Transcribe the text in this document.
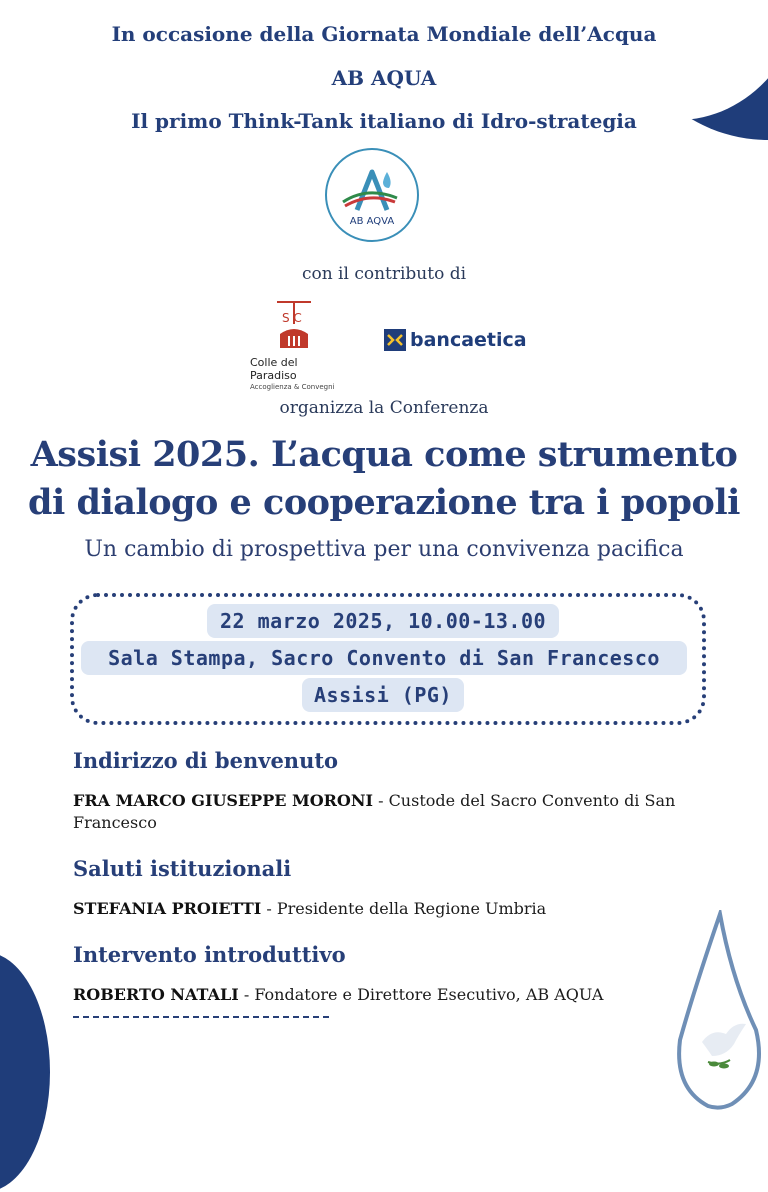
In occasione della Giornata Mondiale dell’Acqua
AB AQUA
Il primo Think-Tank italiano di Idro-strategia
AB AQVA
con il contributo di
S C
Colle del Paradiso
Accoglienza & Convegni
bancaetica
organizza la Conferenza
Assisi 2025. L’acqua come strumento
di dialogo e cooperazione tra i popoli
Un cambio di prospettiva per una convivenza pacifica
22 marzo 2025, 10.00-13.00
Sala Stampa, Sacro Convento di San Francesco
Assisi (PG)
Indirizzo di benvenuto
FRA MARCO GIUSEPPE MORONI - Custode del Sacro Convento di San Francesco
Saluti istituzionali
STEFANIA PROIETTI - Presidente della Regione Umbria
Intervento introduttivo
ROBERTO NATALI - Fondatore e Direttore Esecutivo, AB AQUA
